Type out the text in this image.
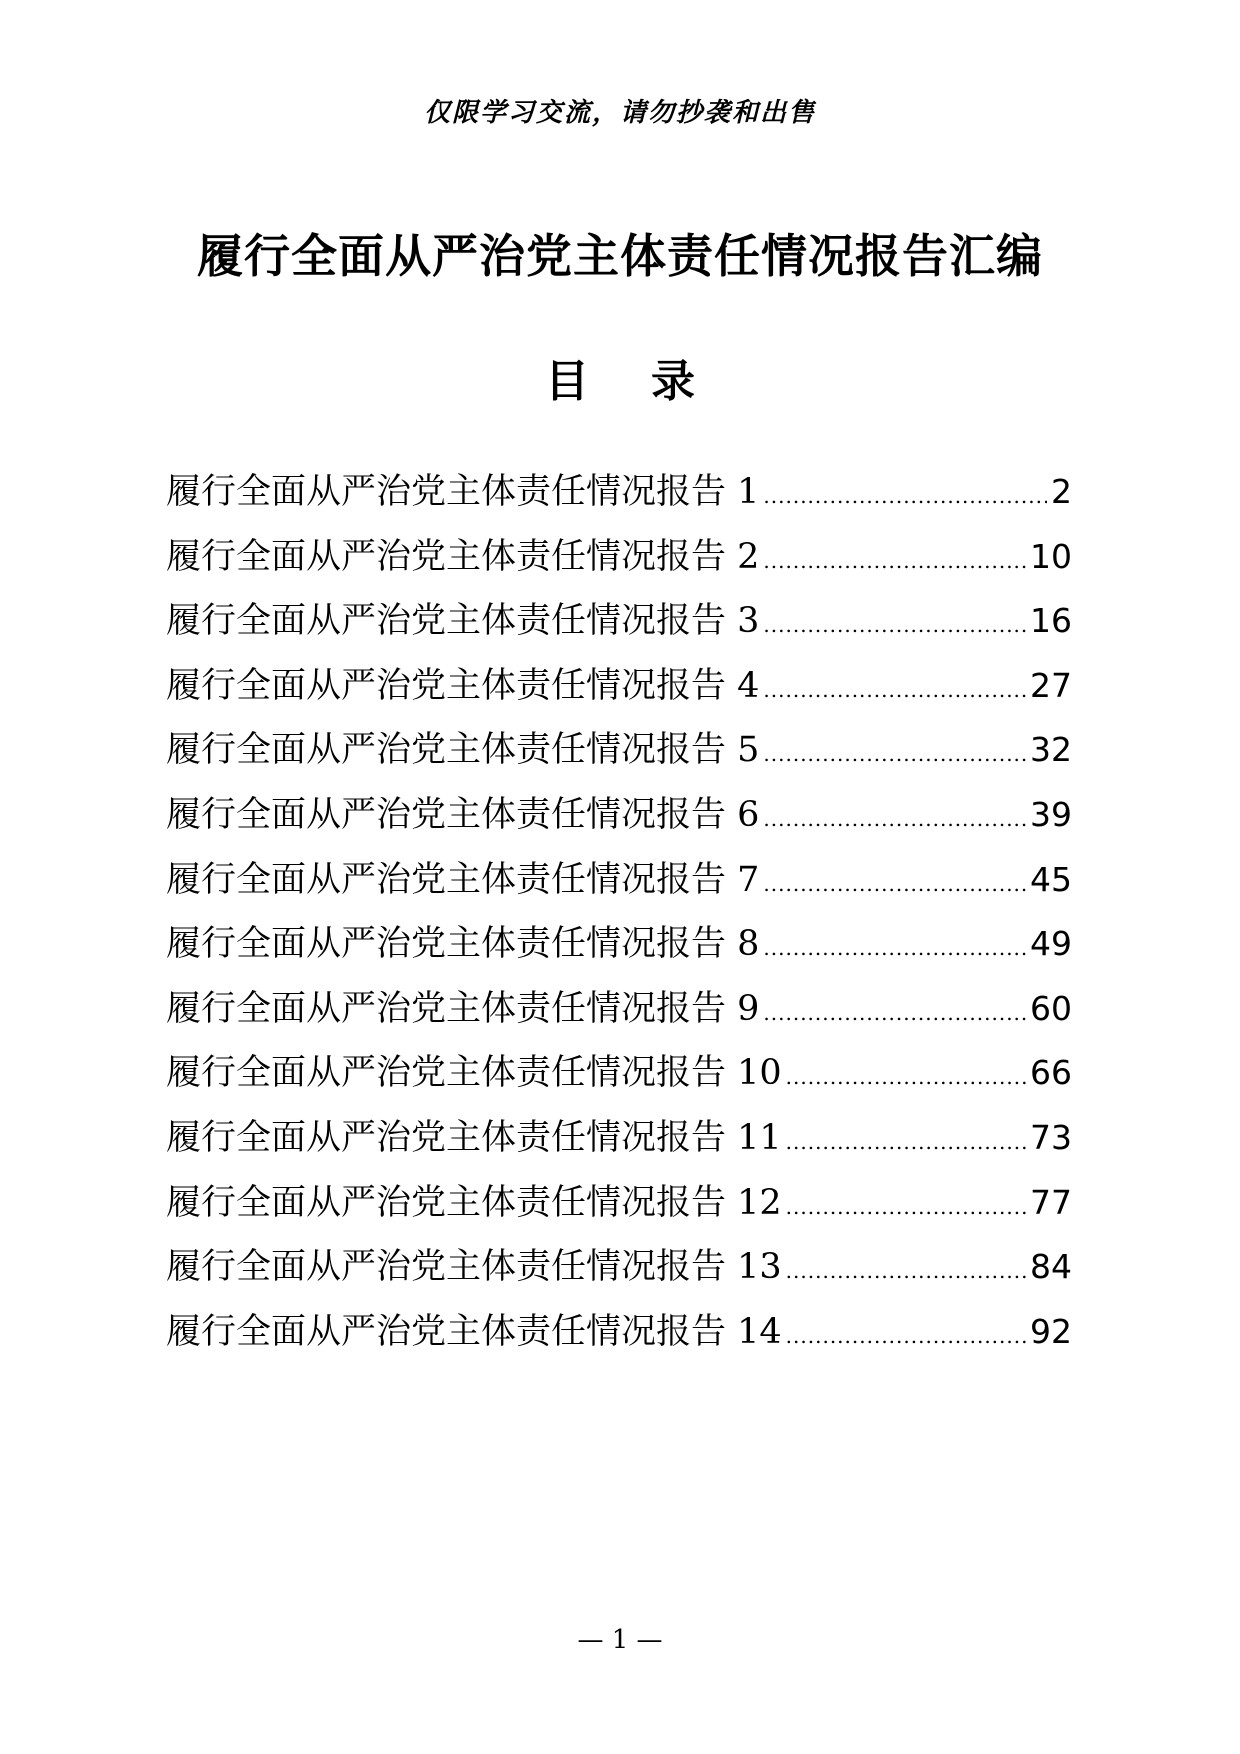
仅限学习交流，请勿抄袭和出售
履行全面从严治党主体责任情况报告汇编
目 录
履行全面从严治党主体责任情况报告 1 .....	2
履行全面从严治党主体责任情况报告 2 .....	10
履行全面从严治党主体责任情况报告 3 .....	16
履行全面从严治党主体责任情况报告 4 .....	27
履行全面从严治党主体责任情况报告 5 .....	32
履行全面从严治党主体责任情况报告 6 .....	39
履行全面从严治党主体责任情况报告 7 .....	45
履行全面从严治党主体责任情况报告 8 .....	49
履行全面从严治党主体责任情况报告 9 .....	60
履行全面从严治党主体责任情况报告 10 .....	66
履行全面从严治党主体责任情况报告 11 .....	73
履行全面从严治党主体责任情况报告 12 .....	77
履行全面从严治党主体责任情况报告 13 .....	84
履行全面从严治党主体责任情况报告 14 .....	92
— 1 —
